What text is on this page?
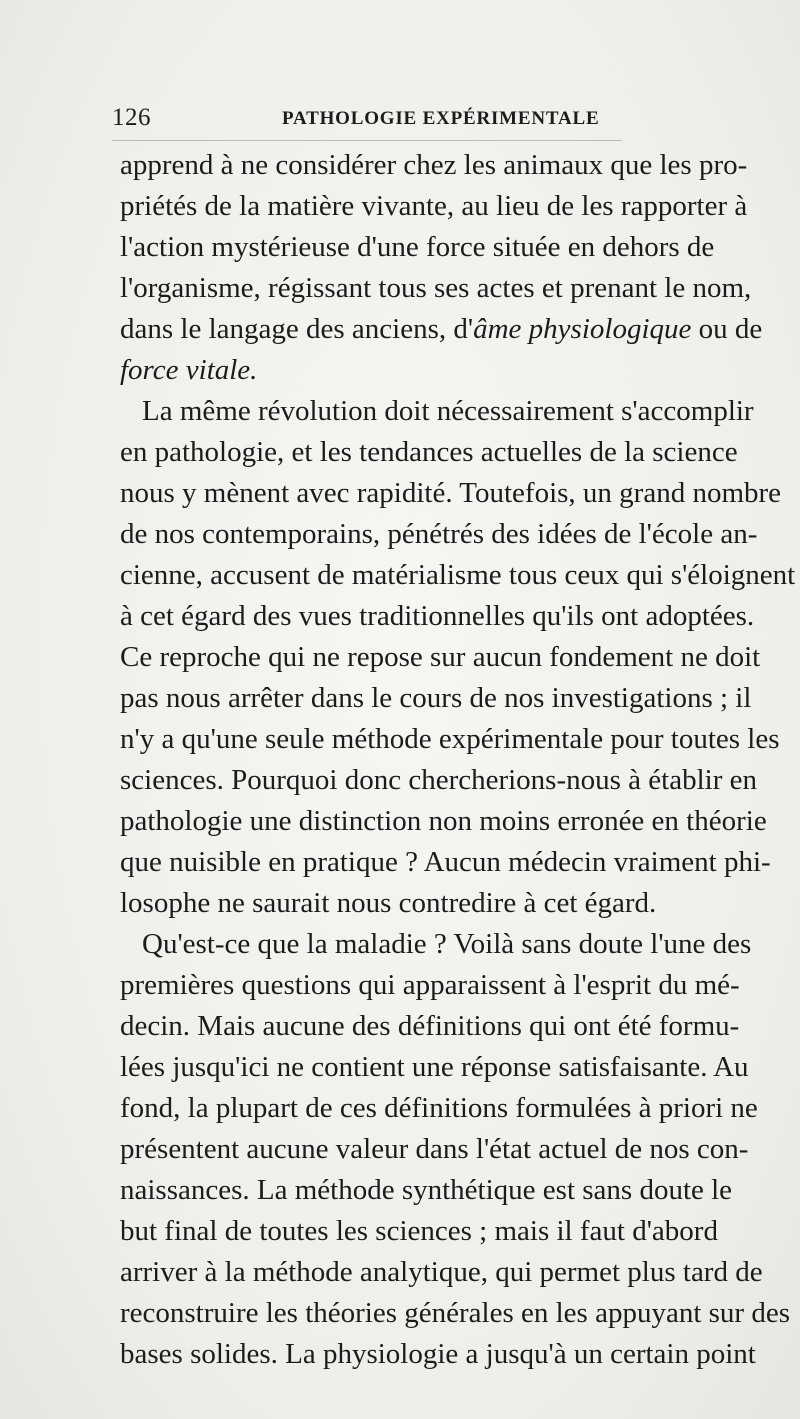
126	PATHOLOGIE EXPÉRIMENTALE
apprend à ne considérer chez les animaux que les pro-
priétés de la matière vivante, au lieu de les rapporter à
l'action mystérieuse d'une force située en dehors de
l'organisme, régissant tous ses actes et prenant le nom,
dans le langage des anciens, d'âme physiologique ou de
force vitale.
La même révolution doit nécessairement s'accomplir
en pathologie, et les tendances actuelles de la science
nous y mènent avec rapidité. Toutefois, un grand nombre
de nos contemporains, pénétrés des idées de l'école an-
cienne, accusent de matérialisme tous ceux qui s'éloignent
à cet égard des vues traditionnelles qu'ils ont adoptées.
Ce reproche qui ne repose sur aucun fondement ne doit
pas nous arrêter dans le cours de nos investigations ; il
n'y a qu'une seule méthode expérimentale pour toutes les
sciences. Pourquoi donc chercherions-nous à établir en
pathologie une distinction non moins erronée en théorie
que nuisible en pratique ? Aucun médecin vraiment phi-
losophe ne saurait nous contredire à cet égard.
Qu'est-ce que la maladie ? Voilà sans doute l'une des
premières questions qui apparaissent à l'esprit du mé-
decin. Mais aucune des définitions qui ont été formu-
lées jusqu'ici ne contient une réponse satisfaisante. Au
fond, la plupart de ces définitions formulées à priori ne
présentent aucune valeur dans l'état actuel de nos con-
naissances. La méthode synthétique est sans doute le
but final de toutes les sciences ; mais il faut d'abord
arriver à la méthode analytique, qui permet plus tard de
reconstruire les théories générales en les appuyant sur des
bases solides. La physiologie a jusqu'à un certain point
